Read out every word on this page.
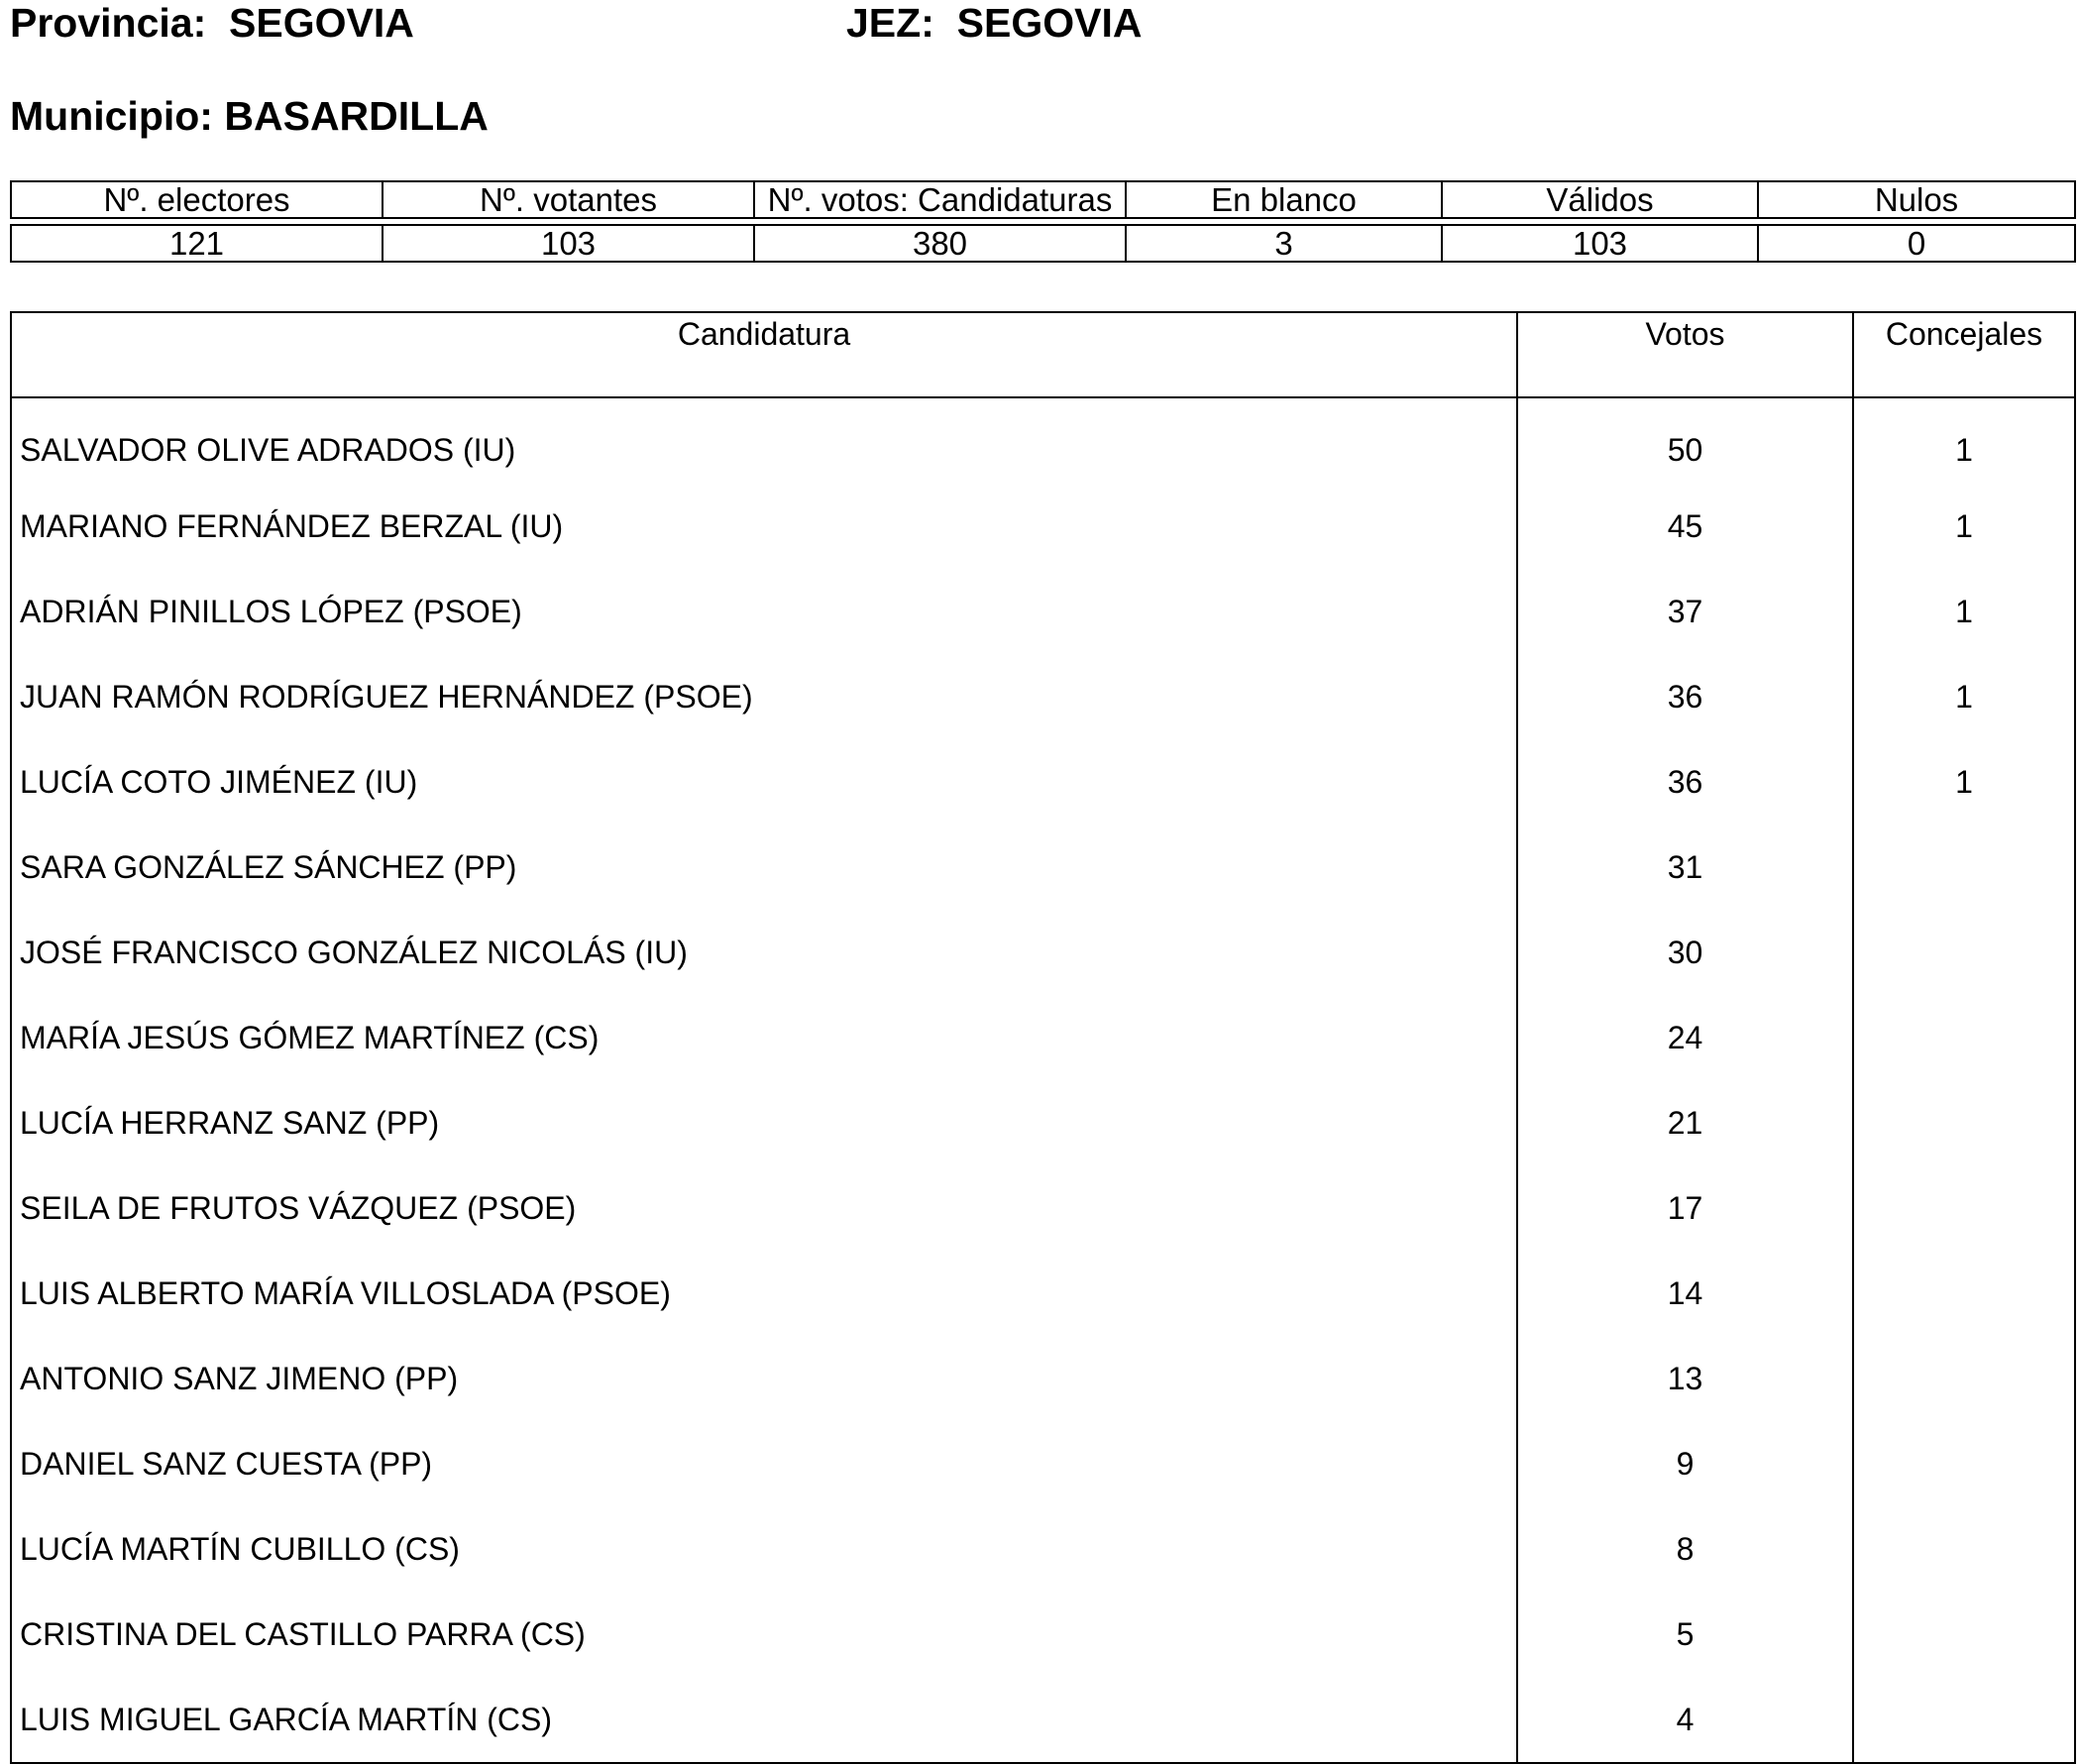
Provincia: SEGOVIA	JEZ: SEGOVIA
Municipio: BASARDILLA
Nº. electores	Nº. votantes	Nº. votos: Candidaturas	En blanco	Válidos	Nulos

121	103	380	3	103	0
Candidatura	Votos	Concejales
SALVADOR OLIVE ADRADOS (IU)	50	1
MARIANO FERNÁNDEZ BERZAL (IU)	45	1
ADRIÁN PINILLOS LÓPEZ (PSOE)	37	1
JUAN RAMÓN RODRÍGUEZ HERNÁNDEZ (PSOE)	36	1
LUCÍA COTO JIMÉNEZ (IU)	36	1
SARA GONZÁLEZ SÁNCHEZ (PP)	31	
JOSÉ FRANCISCO GONZÁLEZ NICOLÁS (IU)	30	
MARÍA JESÚS GÓMEZ MARTÍNEZ (CS)	24	
LUCÍA HERRANZ SANZ (PP)	21	
SEILA DE FRUTOS VÁZQUEZ (PSOE)	17	
LUIS ALBERTO MARÍA VILLOSLADA (PSOE)	14	
ANTONIO SANZ JIMENO (PP)	13	
DANIEL SANZ CUESTA (PP)	9	
LUCÍA MARTÍN CUBILLO (CS)	8	
CRISTINA DEL CASTILLO PARRA (CS)	5	
LUIS MIGUEL GARCÍA MARTÍN (CS)	4	
